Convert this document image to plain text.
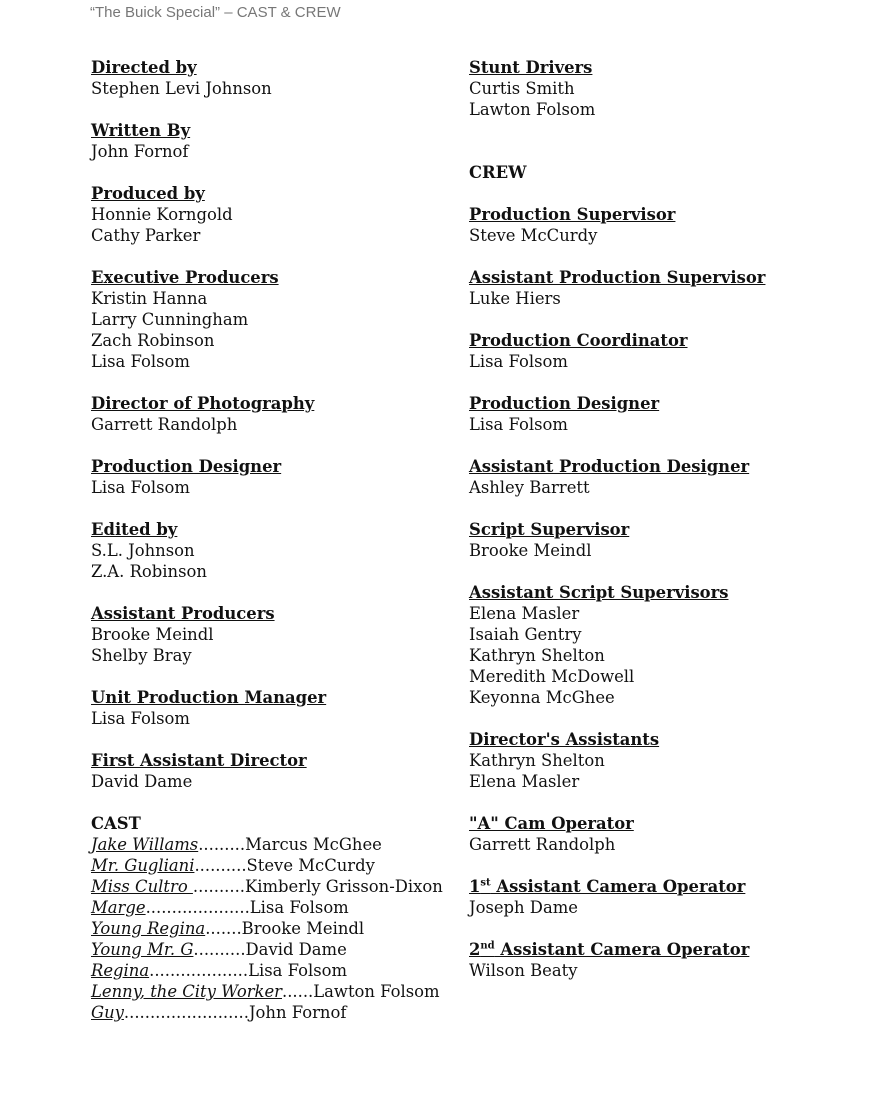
“The Buick Special” – CAST & CREW
Directed by
Stephen Levi Johnson
Written By
John Fornof
Produced by
Honnie Korngold
Cathy Parker
Executive Producers
Kristin Hanna
Larry Cunningham
Zach Robinson
Lisa Folsom
Director of Photography
Garrett Randolph
Production Designer
Lisa Folsom
Edited by
S.L. Johnson
Z.A. Robinson
Assistant Producers
Brooke Meindl
Shelby Bray
Unit Production Manager
Lisa Folsom
First Assistant Director
David Dame
CAST
Jake Willams.........Marcus McGhee
Mr. Gugliani..........Steve McCurdy
Miss Cultro ..........Kimberly Grisson-Dixon
Marge....................Lisa Folsom
Young Regina.......Brooke Meindl
Young Mr. G..........David Dame
Regina...................Lisa Folsom
Lenny, the City Worker......Lawton Folsom
Guy........................John Fornof
Stunt Drivers
Curtis Smith
Lawton Folsom
CREW
Production Supervisor
Steve McCurdy
Assistant Production Supervisor
Luke Hiers
Production Coordinator
Lisa Folsom
Production Designer
Lisa Folsom
Assistant Production Designer
Ashley Barrett
Script Supervisor
Brooke Meindl
Assistant Script Supervisors
Elena Masler
Isaiah Gentry
Kathryn Shelton
Meredith McDowell
Keyonna McGhee
Director's Assistants
Kathryn Shelton
Elena Masler
"A" Cam Operator
Garrett Randolph
1st Assistant Camera Operator
Joseph Dame
2nd Assistant Camera Operator
Wilson Beaty
